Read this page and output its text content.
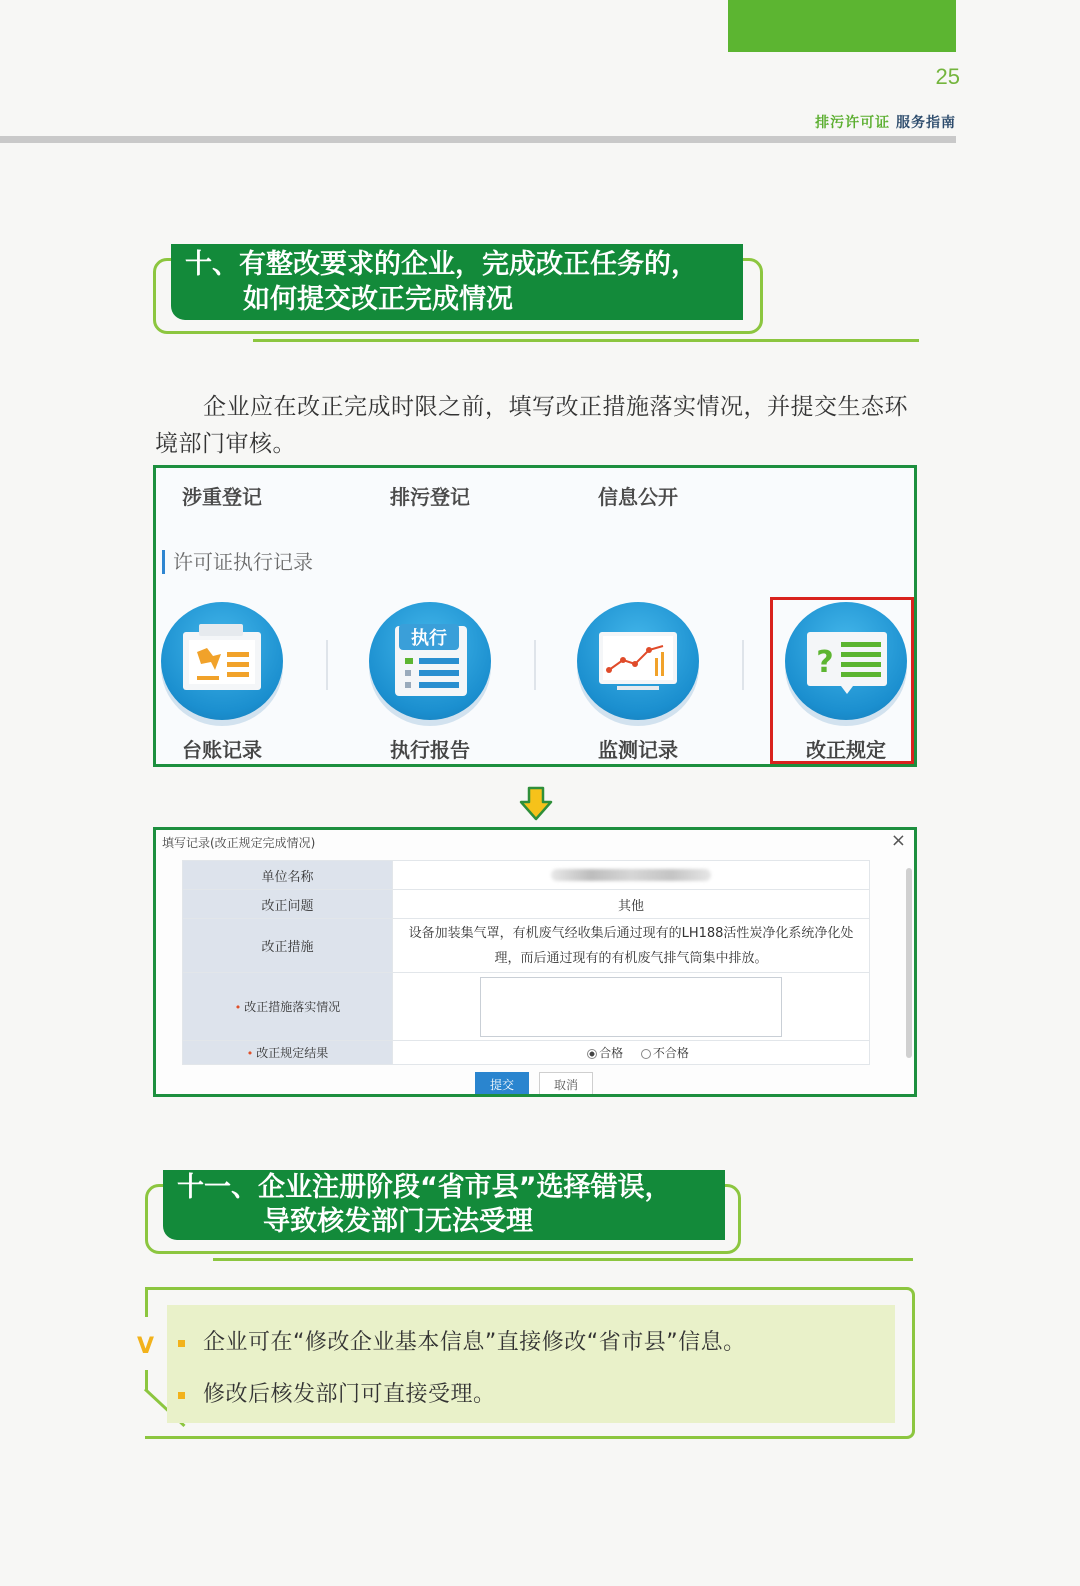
25
排污许可证 服务指南
十、有整改要求的企业，完成改正任务的，
如何提交改正完成情况

企业应在改正完成时限之前，填写改正措施落实情况，并提交生态环境部门审核。

涉重登记	排污登记	信息公开
许可证执行记录
台账记录
执行
执行报告	监测记录
?
改正规定
填写记录(改正规定完成情况)	×
单位名称	
改正问题	其他
改正措施	设备加装集气罩，有机废气经收集后通过现有的LH188活性炭净化系统净化处理，而后通过现有的有机废气排气筒集中排放。
• 改正措施落实情况	

• 改正规定结果	合格 不合格
提交	取消
十一、企业注册阶段“省市县”选择错误，
导致核发部门无法受理
V	企业可在“修改企业基本信息”直接修改“省市县”信息。
修改后核发部门可直接受理。
